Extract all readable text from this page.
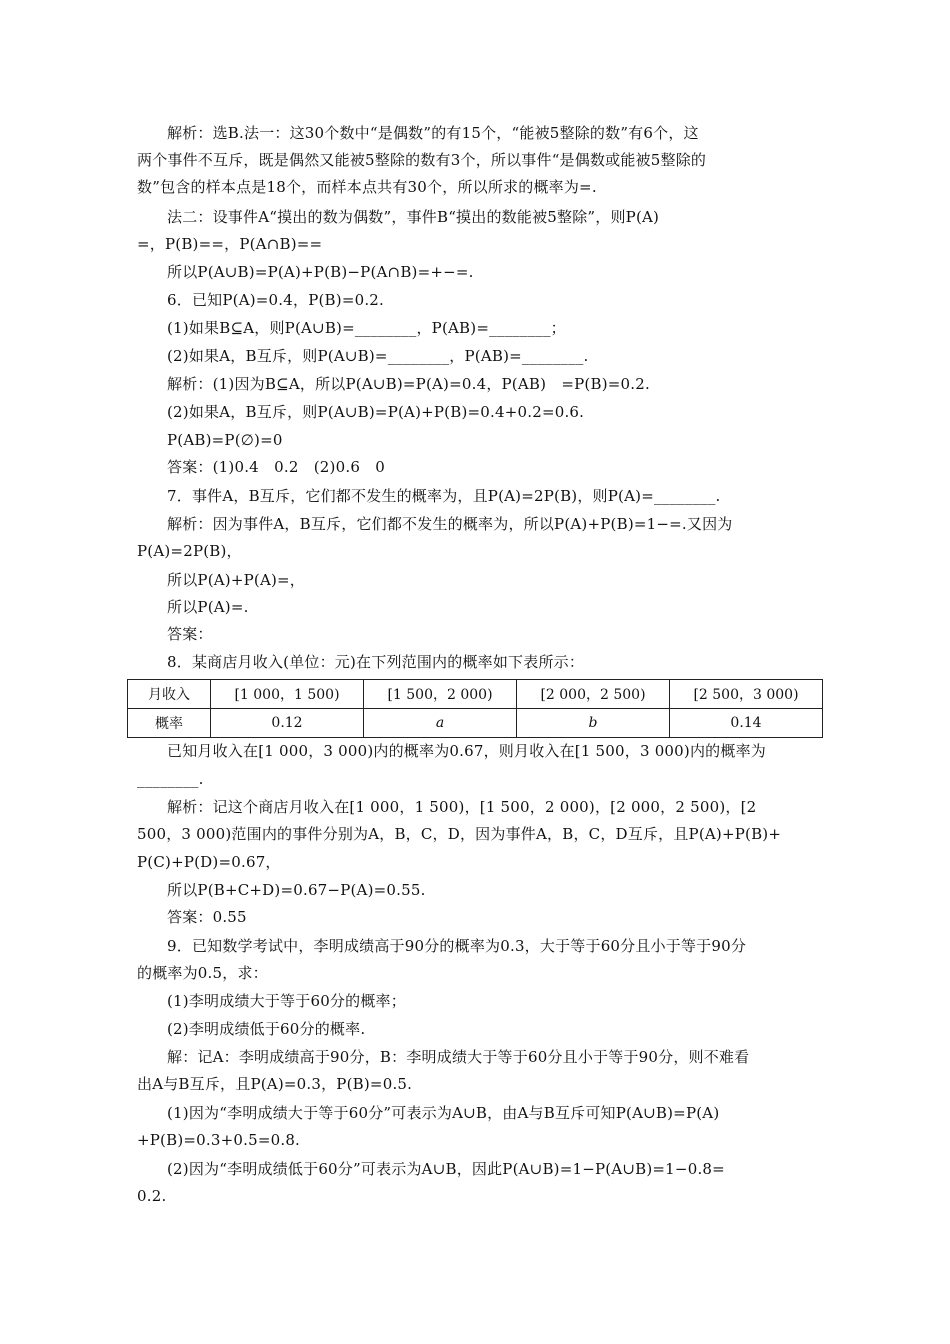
解析：选B.法一：这30个数中“是偶数”的有15个，“能被5整除的数”有6个，这
两个事件不互斥，既是偶然又能被5整除的数有3个，所以事件“是偶数或能被5整除的
数”包含的样本点是18个，而样本点共有30个，所以所求的概率为=.
法二：设事件A“摸出的数为偶数”，事件B“摸出的数能被5整除”，则P(A)
=，P(B)==，P(A∩B)==
所以P(A∪B)=P(A)+P(B)−P(A∩B)=+−=.
6．已知P(A)=0.4，P(B)=0.2.
(1)如果B⊆A，则P(A∪B)=________，P(AB)=________；
(2)如果A，B互斥，则P(A∪B)=________，P(AB)=________.
解析：(1)因为B⊆A，所以P(A∪B)=P(A)=0.4，P(AB)　=P(B)=0.2.
(2)如果A，B互斥，则P(A∪B)=P(A)+P(B)=0.4+0.2=0.6.
P(AB)=P(∅)=0
答案：(1)0.4　0.2　(2)0.6　0
7．事件A，B互斥，它们都不发生的概率为，且P(A)=2P(B)，则P(A)=________.
解析：因为事件A，B互斥，它们都不发生的概率为，所以P(A)+P(B)=1−=.又因为
P(A)=2P(B)，
所以P(A)+P(A)=，
所以P(A)=.
答案：
8．某商店月收入(单位：元)在下列范围内的概率如下表所示：
月收入	[1 000，1 500)	[1 500，2 000)	[2 000，2 500)	[2 500，3 000)
概率	0.12	a	b	0.14
已知月收入在[1 000，3 000)内的概率为0.67，则月收入在[1 500，3 000)内的概率为
________.
解析：记这个商店月收入在[1 000，1 500)，[1 500，2 000)，[2 000，2 500)，[2
500，3 000)范围内的事件分别为A，B，C，D，因为事件A，B，C，D互斥，且P(A)+P(B)+
P(C)+P(D)=0.67，
所以P(B+C+D)=0.67−P(A)=0.55.
答案：0.55
9．已知数学考试中，李明成绩高于90分的概率为0.3，大于等于60分且小于等于90分
的概率为0.5，求：
(1)李明成绩大于等于60分的概率；
(2)李明成绩低于60分的概率.
解：记A：李明成绩高于90分，B：李明成绩大于等于60分且小于等于90分，则不难看
出A与B互斥，且P(A)=0.3，P(B)=0.5.
(1)因为“李明成绩大于等于60分”可表示为A∪B，由A与B互斥可知P(A∪B)=P(A)
+P(B)=0.3+0.5=0.8.
(2)因为“李明成绩低于60分”可表示为A∪B，因此P(A∪B)=1−P(A∪B)=1−0.8=
0.2.
